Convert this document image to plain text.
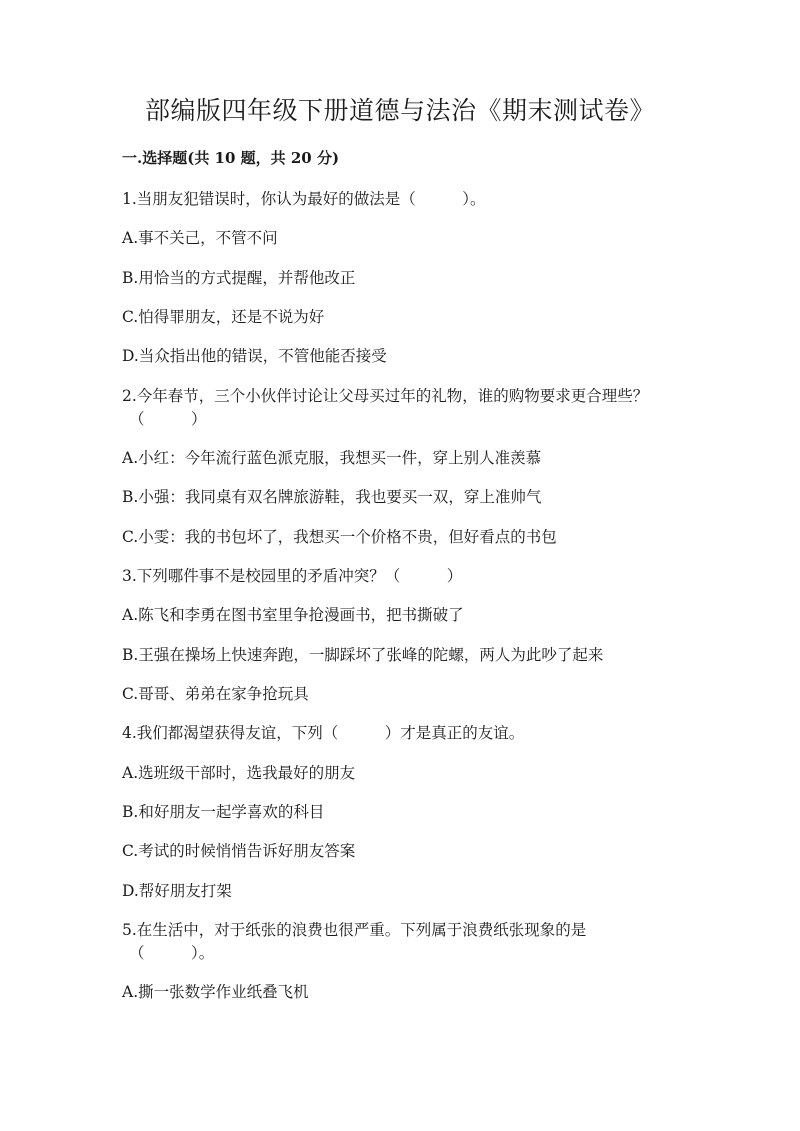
部编版四年级下册道德与法治《期末测试卷》
一.选择题(共 10 题，共 20 分)
1.当朋友犯错误时，你认为最好的做法是（　　　）。
A.事不关己，不管不问
B.用恰当的方式提醒，并帮他改正
C.怕得罪朋友，还是不说为好
D.当众指出他的错误，不管他能否接受
2.今年春节，三个小伙伴讨论让父母买过年的礼物，谁的购物要求更合理些？
（　　　）
A.小红：今年流行蓝色派克服，我想买一件，穿上别人准羡慕
B.小强：我同桌有双名牌旅游鞋，我也要买一双，穿上准帅气
C.小雯：我的书包坏了，我想买一个价格不贵，但好看点的书包
3.下列哪件事不是校园里的矛盾冲突？（　　　）
A.陈飞和李勇在图书室里争抢漫画书，把书撕破了
B.王强在操场上快速奔跑，一脚踩坏了张峰的陀螺，两人为此吵了起来
C.哥哥、弟弟在家争抢玩具
4.我们都渴望获得友谊，下列（　　　）才是真正的友谊。
A.选班级干部时，选我最好的朋友
B.和好朋友一起学喜欢的科目
C.考试的时候悄悄告诉好朋友答案
D.帮好朋友打架
5.在生活中，对于纸张的浪费也很严重。下列属于浪费纸张现象的是
（　　　）。
A.撕一张数学作业纸叠飞机
